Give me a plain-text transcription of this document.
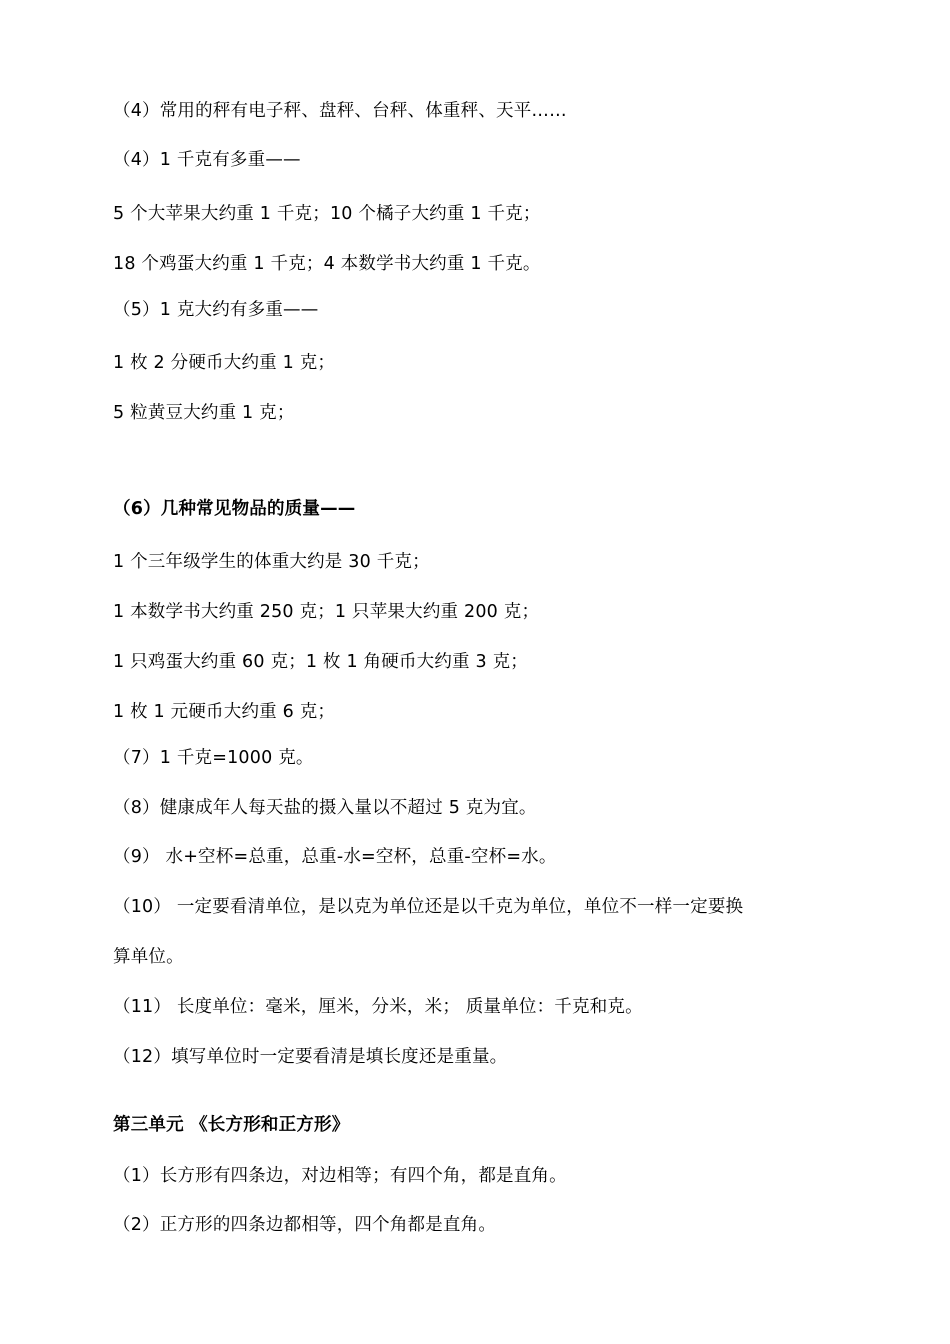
（4）常用的秤有电子秤、盘秤、台秤、体重秤、天平……
（4）1 千克有多重——
5 个大苹果大约重 1 千克；10 个橘子大约重 1 千克；
18 个鸡蛋大约重 1 千克；4 本数学书大约重 1 千克。
（5）1 克大约有多重——
1 枚 2 分硬币大约重 1 克；
5 粒黄豆大约重 1 克；
（6）几种常见物品的质量——
1 个三年级学生的体重大约是 30 千克；
1 本数学书大约重 250 克；1 只苹果大约重 200 克；
1 只鸡蛋大约重 60 克；1 枚 1 角硬币大约重 3 克；
1 枚 1 元硬币大约重 6 克；
（7）1 千克=1000 克。
（8）健康成年人每天盐的摄入量以不超过 5 克为宜。
（9） 水+空杯=总重，总重-水=空杯，总重-空杯=水。
（10） 一定要看清单位，是以克为单位还是以千克为单位，单位不一样一定要换
算单位。
（11） 长度单位：毫米，厘米，分米，米； 质量单位：千克和克。
（12）填写单位时一定要看清是填长度还是重量。
第三单元 《长方形和正方形》
（1）长方形有四条边，对边相等；有四个角，都是直角。
（2）正方形的四条边都相等，四个角都是直角。
